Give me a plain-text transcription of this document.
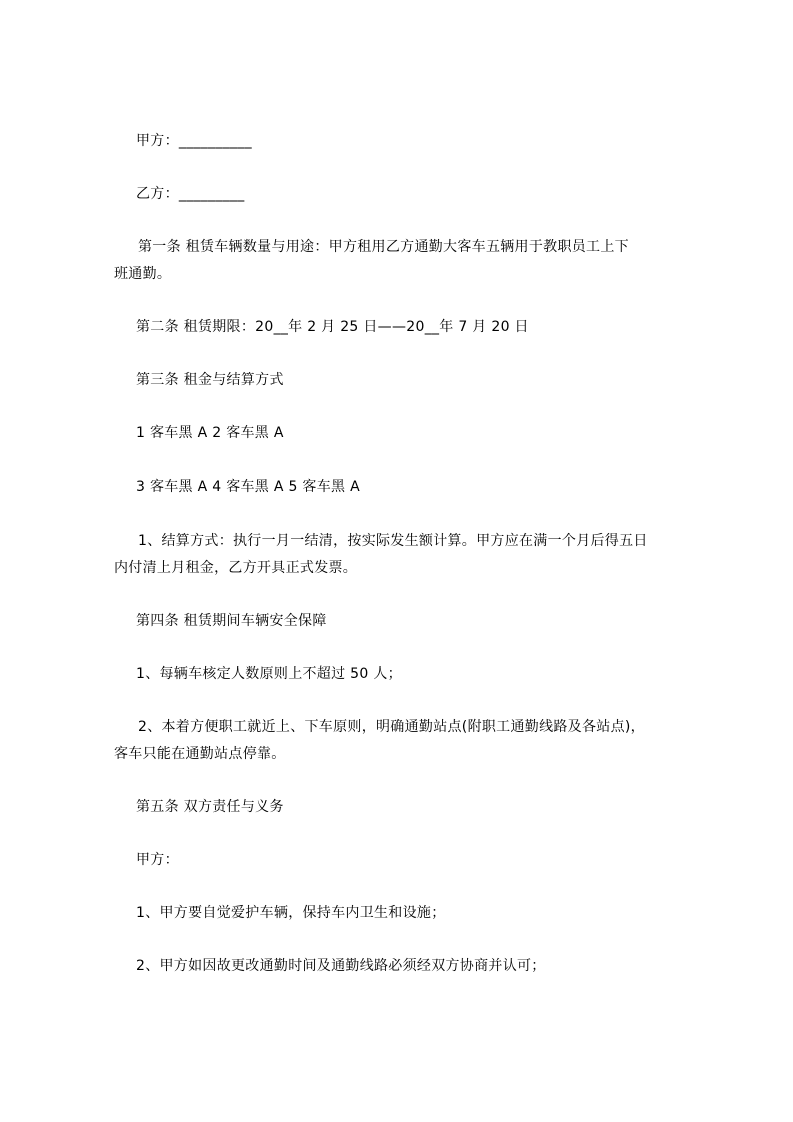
甲方：__________

乙方：_________

第一条 租赁车辆数量与用途：甲方租用乙方通勤大客车五辆用于教职员工上下

班通勤。

第二条 租赁期限：20__年 2 月 25 日——20__年 7 月 20 日

第三条 租金与结算方式

1 客车黑 A 2 客车黑 A

3 客车黑 A 4 客车黑 A 5 客车黑 A

1、结算方式：执行一月一结清，按实际发生额计算。甲方应在满一个月后得五日

内付清上月租金，乙方开具正式发票。

第四条 租赁期间车辆安全保障

1、每辆车核定人数原则上不超过 50 人；

2、本着方便职工就近上、下车原则，明确通勤站点(附职工通勤线路及各站点)，

客车只能在通勤站点停靠。

第五条 双方责任与义务

甲方：

1、甲方要自觉爱护车辆，保持车内卫生和设施；

2、甲方如因故更改通勤时间及通勤线路必须经双方协商并认可；
